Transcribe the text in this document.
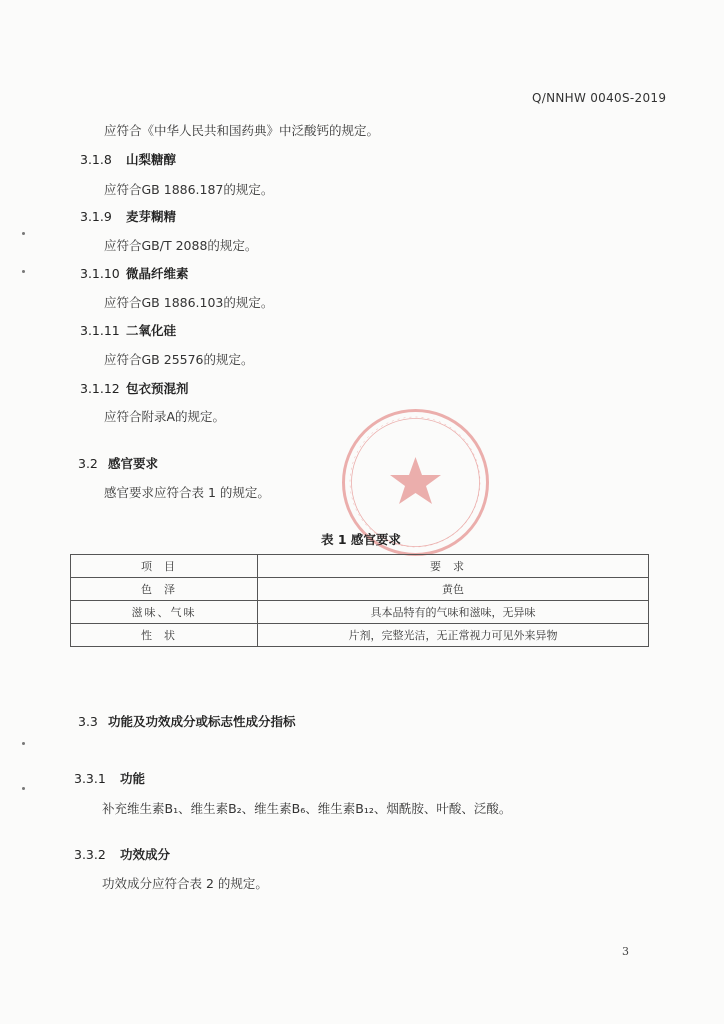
Q/NNHW 0040S-2019
应符合《中华人民共和国药典》中泛酸钙的规定。
3.1.8 山梨糖醇
应符合GB 1886.187的规定。
3.1.9 麦芽糊精
应符合GB/T 2088的规定。
3.1.10 微晶纤维素
应符合GB 1886.103的规定。
3.1.11 二氧化硅
应符合GB 25576的规定。
3.1.12 包衣预混剂
应符合附录A的规定。
3.2 感官要求
感官要求应符合表 1 的规定。
表 1 感官要求
项目	要求
色泽	黄色
滋味、气味	具本品特有的气味和滋味，无异味
性状	片剂，完整光洁，无正常视力可见外来异物
3.3 功能及功效成分或标志性成分指标
3.3.1 功能
补充维生素B₁、维生素B₂、维生素B₆、维生素B₁₂、烟酰胺、叶酸、泛酸。
3.3.2 功效成分
功效成分应符合表 2 的规定。
3
